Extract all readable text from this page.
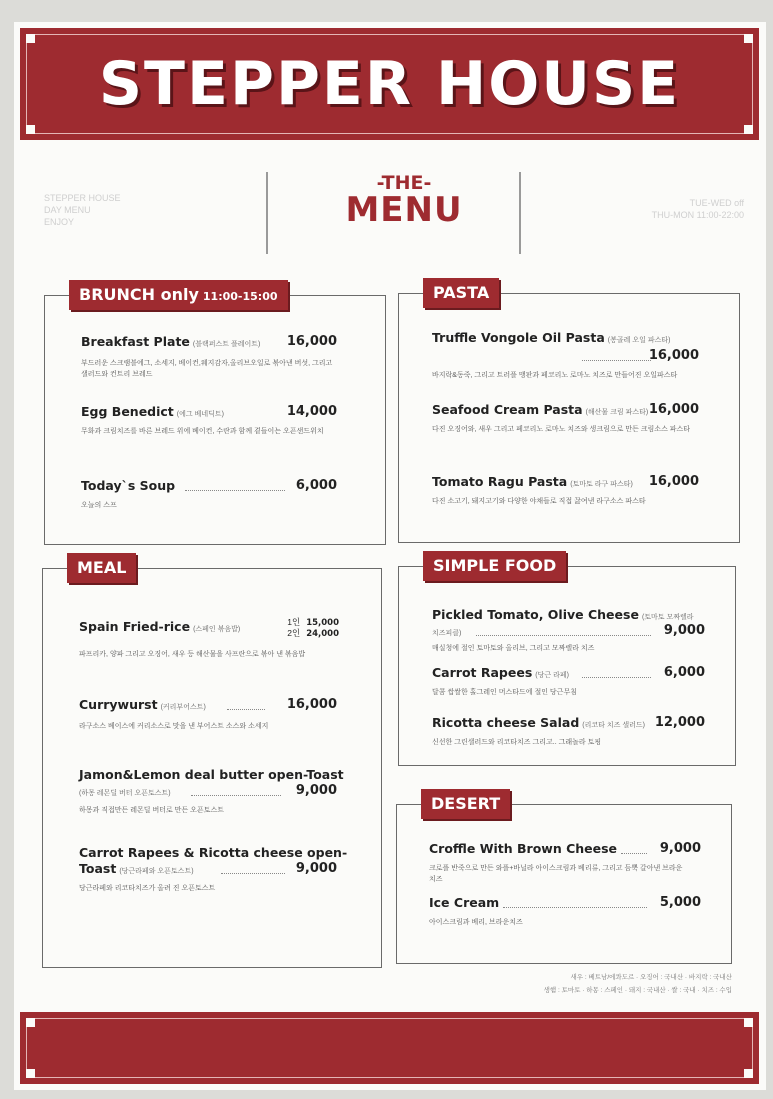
STEPPER HOUSE
STEPPER HOUSE
DAY MENU
ENJOY
-THE-
MENU	TUE-WED off
THU-MON 11:00-22:00
BRUNCH only 11:00-15:00
Breakfast Plate (블랙퍼스트 플레이트) 16,000
부드러운 스크램블에그, 소세지, 베이컨,웨지감자,올리브오일로 볶아낸 버섯, 그리고 샐러드와 컨트리 브레드
Egg Benedict (에그 베네딕트)	14,000
무화과 크림치즈를 바른 브레드 위에 베이컨, 수란과 함께 곁들이는 오픈샌드위치
Today`s Soup	6,000
오늘의 스프
PASTA
Truffle Vongole Oil Pasta (봉골레 오일 파스타)
16,000
바지락&동죽, 그리고 트러플 맹판과 페코리노 로마노 치즈로 만들어진 오일파스타
Seafood Cream Pasta (해산물 크림 파스타) 16,000
다진 오징어와, 새우 그리고 페코리노 로마노 치즈와 생크림으로 만든 크림소스 파스타
Tomato Ragu Pasta (토마토 라구 파스타) 16,000
다진 소고기, 돼지고기와 다양한 야채들로 직접 끓여낸 라구소스 파스타
MEAL
Spain Fried-rice (스페인 볶음밥)
1인 15,000
2인 24,000
파프리카, 양파 그리고 오징어, 새우 등 해산물을 사프란으로 볶아 낸 볶음밥
Currywurst (커리부어스트)	16,000
라구소스 베이스에 커리소스로 맛을 낸 부어스트 소스와 소세지
Jamon&Lemon deal butter open-Toast
(하몽 레몬딜 버터 오픈토스트)	9,000
하몽과 직접만든 레몬딜 버터로 만든 오픈토스트
Carrot Rapees & Ricotta cheese open-
Toast (당근라페와 오픈토스트)	9,000
당근라페와 리코타치즈가 올려 진 오픈토스트
SIMPLE FOOD
Pickled Tomato, Olive Cheese (토마토 모짜렐라
치즈피클)	9,000
매실청에 절인 토마토와 올리브, 그리고 모짜렐라 치즈
Carrot Rapees (당근 라페)	6,000
달콤 쌉쌀한 홀그레인 머스타드에 절인 당근무침
Ricotta cheese Salad (리코타 치즈 샐러드) 12,000
신선한 그린샐러드와 리코타치즈 그리고.. 그래놀라 토핑
DESERT
Croffle With Brown Cheese	9,000
크로플 반죽으로 만든 와플+바닐라 아이스크림과 베리류, 그리고 듬뿍 갈아낸 브라운
치즈
Ice Cream	5,000
아이스크림과 베리, 브라운치즈
새우 : 베트남/에콰도르 · 오징어 : 국내산 · 바지락 : 국내산
생햄 : 토마토 · 하몽 : 스페인 · 돼지 : 국내산 · 쌀 : 국내 · 치즈 : 수입
